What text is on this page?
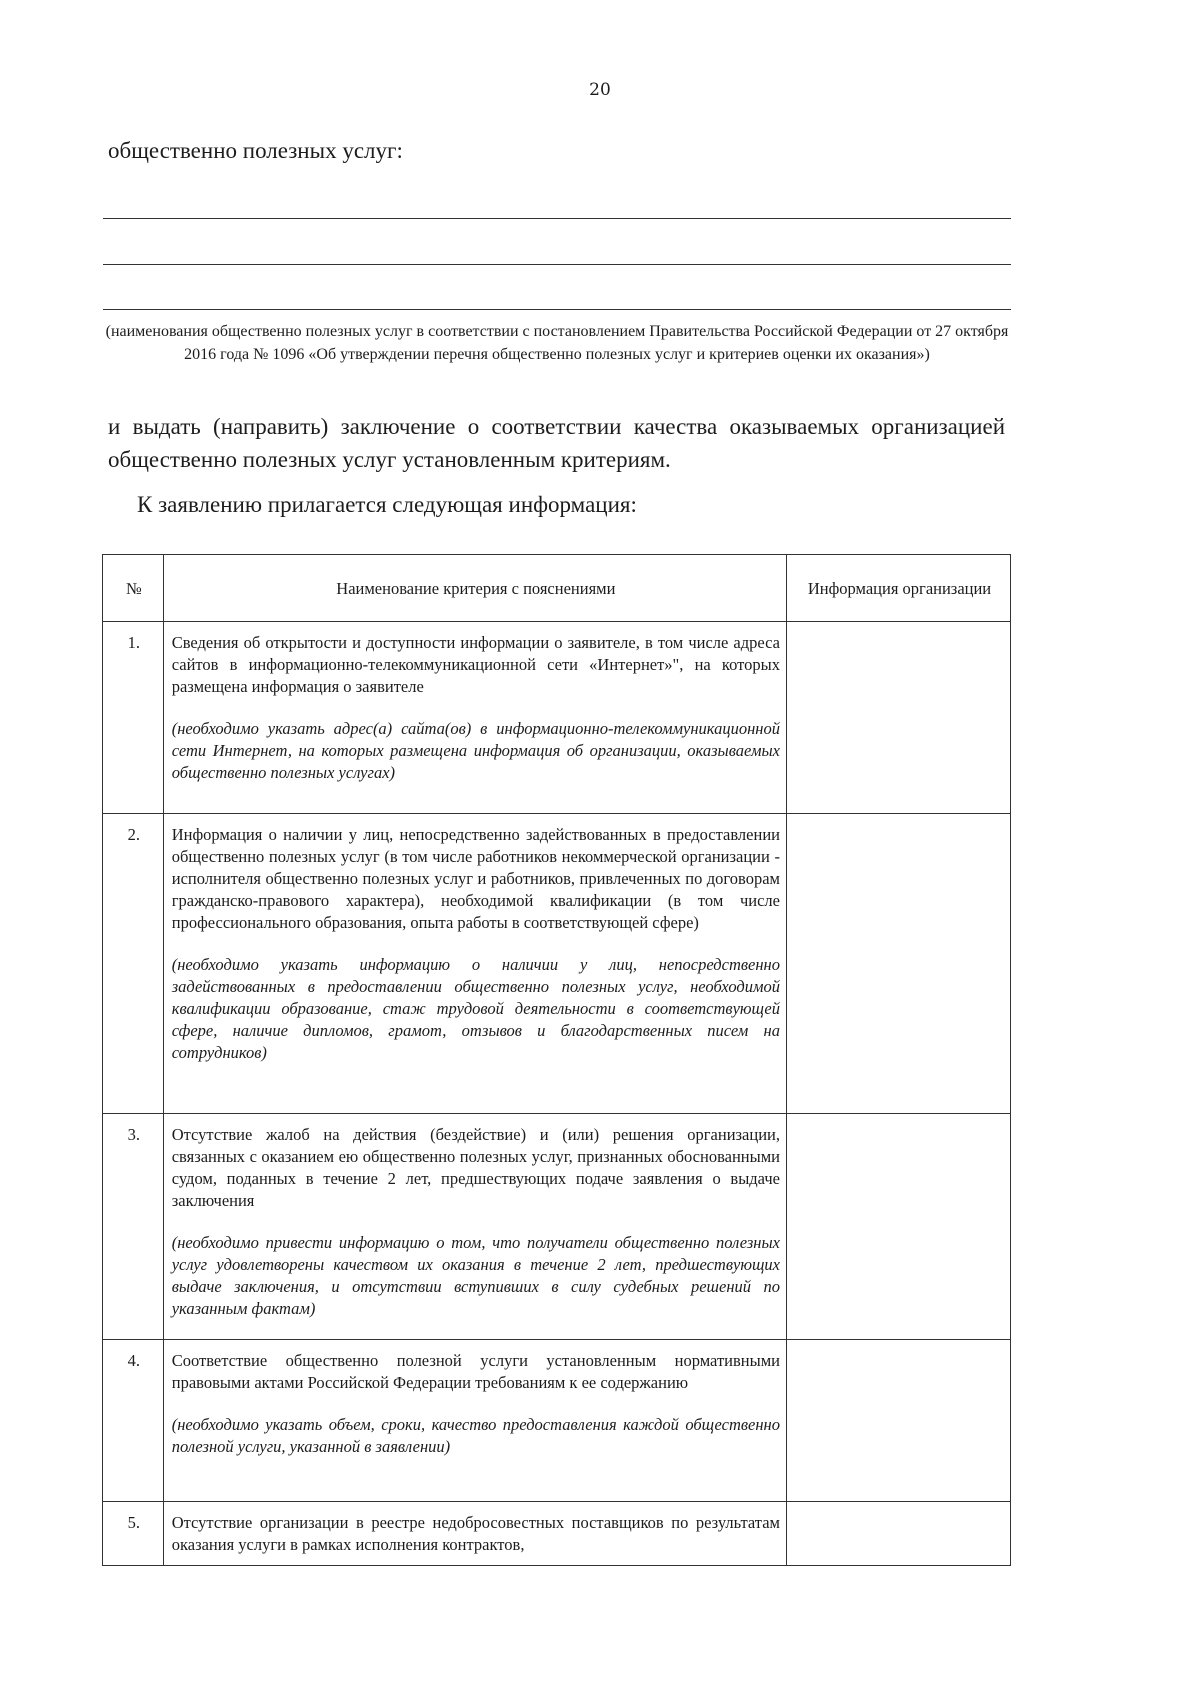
20
общественно полезных услуг:
(наименования общественно полезных услуг в соответствии с постановлением Правительства Российской Федерации от 27 октября 2016 года № 1096 «Об утверждении перечня общественно полезных услуг и критериев оценки их оказания»)
и выдать (направить) заключение о соответствии качества оказываемых организацией общественно полезных услуг установленным критериям.
К заявлению прилагается следующая информация:
№	Наименование критерия с пояснениями	Информация организации
1.	Сведения об открытости и доступности информации о заявителе, в том числе адреса сайтов в информационно-телекоммуникационной сети «Интернет»", на которых размещена информация о заявителе

(необходимо указать адрес(а) сайта(ов) в информационно-телекоммуникационной сети Интернет, на которых размещена информация об организации, оказываемых общественно полезных услугах)	

2.	Информация о наличии у лиц, непосредственно задействованных в предоставлении общественно полезных услуг (в том числе работников некоммерческой организации - исполнителя общественно полезных услуг и работников, привлеченных по договорам гражданско-правового характера), необходимой квалификации (в том числе профессионального образования, опыта работы в соответствующей сфере)

(необходимо указать информацию о наличии у лиц, непосредственно задействованных в предоставлении общественно полезных услуг, необходимой квалификации образование, стаж трудовой деятельности в соответствующей сфере, наличие дипломов, грамот, отзывов и благодарственных писем на сотрудников)	

3.	Отсутствие жалоб на действия (бездействие) и (или) решения организации, связанных с оказанием ею общественно полезных услуг, признанных обоснованными судом, поданных в течение 2 лет, предшествующих подаче заявления о выдаче заключения

(необходимо привести информацию о том, что получатели общественно полезных услуг удовлетворены качеством их оказания в течение 2 лет, предшествующих выдаче заключения, и отсутствии вступивших в силу судебных решений по указанным фактам)	

4.	Соответствие общественно полезной услуги установленным нормативными правовыми актами Российской Федерации требованиям к ее содержанию

(необходимо указать объем, сроки, качество предоставления каждой общественно полезной услуги, указанной в заявлении)	

5.	Отсутствие организации в реестре недобросовестных поставщиков по результатам оказания услуги в рамках исполнения контрактов,	
